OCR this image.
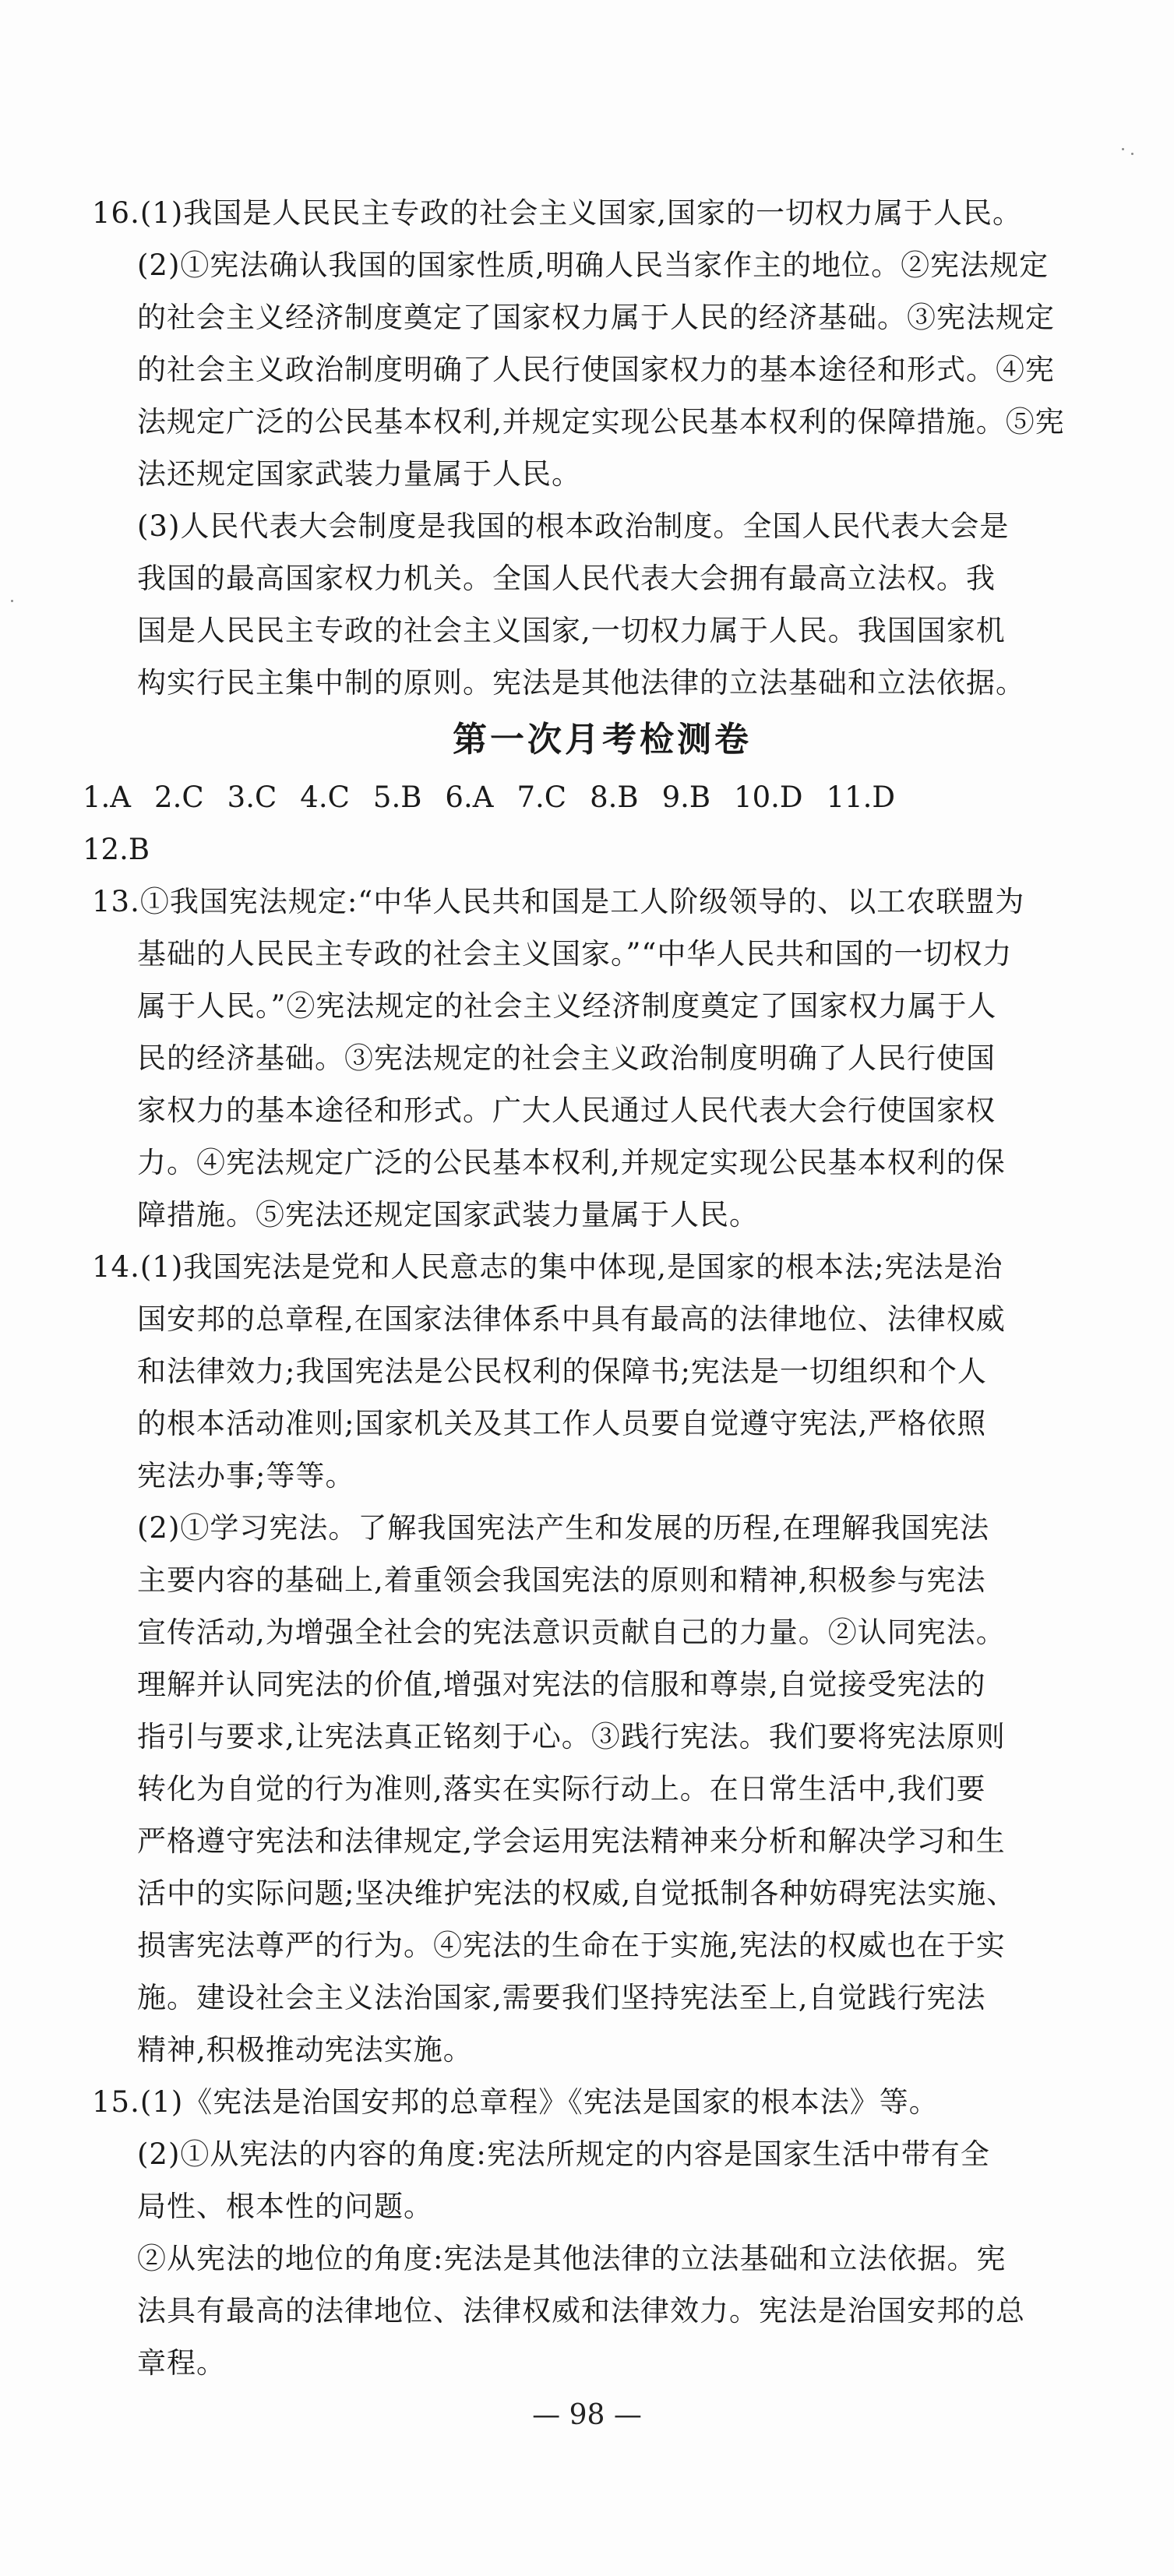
16.(1)我国是人民民主专政的社会主义国家,国家的一切权力属于人民。
(2)①宪法确认我国的国家性质,明确人民当家作主的地位。②宪法规定
的社会主义经济制度奠定了国家权力属于人民的经济基础。③宪法规定
的社会主义政治制度明确了人民行使国家权力的基本途径和形式。④宪
法规定广泛的公民基本权利,并规定实现公民基本权利的保障措施。⑤宪
法还规定国家武装力量属于人民。
(3)人民代表大会制度是我国的根本政治制度。全国人民代表大会是
我国的最高国家权力机关。全国人民代表大会拥有最高立法权。我
国是人民民主专政的社会主义国家,一切权力属于人民。我国国家机
构实行民主集中制的原则。宪法是其他法律的立法基础和立法依据。
第一次月考检测卷
1.A 2.C 3.C 4.C 5.B 6.A 7.C 8.B 9.B 10.D 11.D
12.B
13.①我国宪法规定:“中华人民共和国是工人阶级领导的、以工农联盟为
基础的人民民主专政的社会主义国家。”“中华人民共和国的一切权力
属于人民。”②宪法规定的社会主义经济制度奠定了国家权力属于人
民的经济基础。③宪法规定的社会主义政治制度明确了人民行使国
家权力的基本途径和形式。广大人民通过人民代表大会行使国家权
力。④宪法规定广泛的公民基本权利,并规定实现公民基本权利的保
障措施。⑤宪法还规定国家武装力量属于人民。
14.(1)我国宪法是党和人民意志的集中体现,是国家的根本法;宪法是治
国安邦的总章程,在国家法律体系中具有最高的法律地位、法律权威
和法律效力;我国宪法是公民权利的保障书;宪法是一切组织和个人
的根本活动准则;国家机关及其工作人员要自觉遵守宪法,严格依照
宪法办事;等等。
(2)①学习宪法。了解我国宪法产生和发展的历程,在理解我国宪法
主要内容的基础上,着重领会我国宪法的原则和精神,积极参与宪法
宣传活动,为增强全社会的宪法意识贡献自己的力量。②认同宪法。
理解并认同宪法的价值,增强对宪法的信服和尊崇,自觉接受宪法的
指引与要求,让宪法真正铭刻于心。③践行宪法。我们要将宪法原则
转化为自觉的行为准则,落实在实际行动上。在日常生活中,我们要
严格遵守宪法和法律规定,学会运用宪法精神来分析和解决学习和生
活中的实际问题;坚决维护宪法的权威,自觉抵制各种妨碍宪法实施、
损害宪法尊严的行为。④宪法的生命在于实施,宪法的权威也在于实
施。建设社会主义法治国家,需要我们坚持宪法至上,自觉践行宪法
精神,积极推动宪法实施。
15.(1)《宪法是治国安邦的总章程》《宪法是国家的根本法》等。
(2)①从宪法的内容的角度:宪法所规定的内容是国家生活中带有全
局性、根本性的问题。
②从宪法的地位的角度:宪法是其他法律的立法基础和立法依据。宪
法具有最高的法律地位、法律权威和法律效力。宪法是治国安邦的总
章程。
— 98 —
